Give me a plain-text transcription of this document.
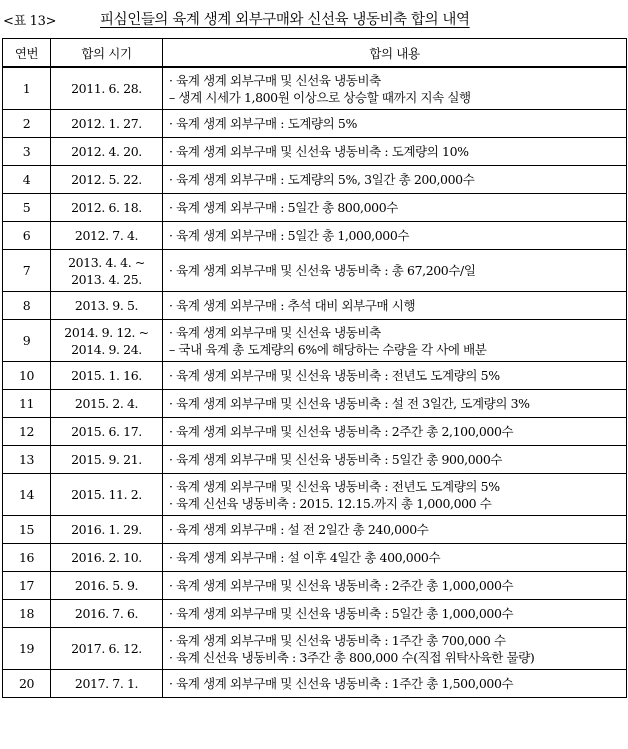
<표 13>	피심인들의 육계 생계 외부구매와 신선육 냉동비축 합의 내역
연번	합의 시기	합의 내용
1	2011. 6. 28.	· 육계 생계 외부구매 및 신선육 냉동비축
– 생계 시세가 1,800원 이상으로 상승할 때까지 지속 실행

2	2012. 1. 27.	· 육계 생계 외부구매 : 도계량의 5%

3	2012. 4. 20.	· 육계 생계 외부구매 및 신선육 냉동비축 : 도계량의 10%

4	2012. 5. 22.	· 육계 생계 외부구매 : 도계량의 5%, 3일간 총 200,000수

5	2012. 6. 18.	· 육계 생계 외부구매 : 5일간 총 800,000수

6	2012. 7. 4.	· 육계 생계 외부구매 : 5일간 총 1,000,000수

7	2013. 4. 4. ~
2013. 4. 25.	· 육계 생계 외부구매 및 신선육 냉동비축 : 총 67,200수/일

8	2013. 9. 5.	· 육계 생계 외부구매 : 추석 대비 외부구매 시행

9	2014. 9. 12. ~
2014. 9. 24.	· 육계 생계 외부구매 및 신선육 냉동비축
– 국내 육계 총 도계량의 6%에 해당하는 수량을 각 사에 배분

10	2015. 1. 16.	· 육계 생계 외부구매 및 신선육 냉동비축 : 전년도 도계량의 5%

11	2015. 2. 4.	· 육계 생계 외부구매 및 신선육 냉동비축 : 설 전 3일간, 도계량의 3%

12	2015. 6. 17.	· 육계 생계 외부구매 및 신선육 냉동비축 : 2주간 총 2,100,000수

13	2015. 9. 21.	· 육계 생계 외부구매 및 신선육 냉동비축 : 5일간 총 900,000수

14	2015. 11. 2.	· 육계 생계 외부구매 및 신선육 냉동비축 : 전년도 도계량의 5%
· 육계 신선육 냉동비축 : 2015. 12.15.까지 총 1,000,000 수

15	2016. 1. 29.	· 육계 생계 외부구매 : 설 전 2일간 총 240,000수

16	2016. 2. 10.	· 육계 생계 외부구매 : 설 이후 4일간 총 400,000수

17	2016. 5. 9.	· 육계 생계 외부구매 및 신선육 냉동비축 : 2주간 총 1,000,000수

18	2016. 7. 6.	· 육계 생계 외부구매 및 신선육 냉동비축 : 5일간 총 1,000,000수

19	2017. 6. 12.	· 육계 생계 외부구매 및 신선육 냉동비축 : 1주간 총 700,000 수
· 육계 신선육 냉동비축 : 3주간 총 800,000 수(직접 위탁사육한 물량)

20	2017. 7. 1.	· 육계 생계 외부구매 및 신선육 냉동비축 : 1주간 총 1,500,000수
